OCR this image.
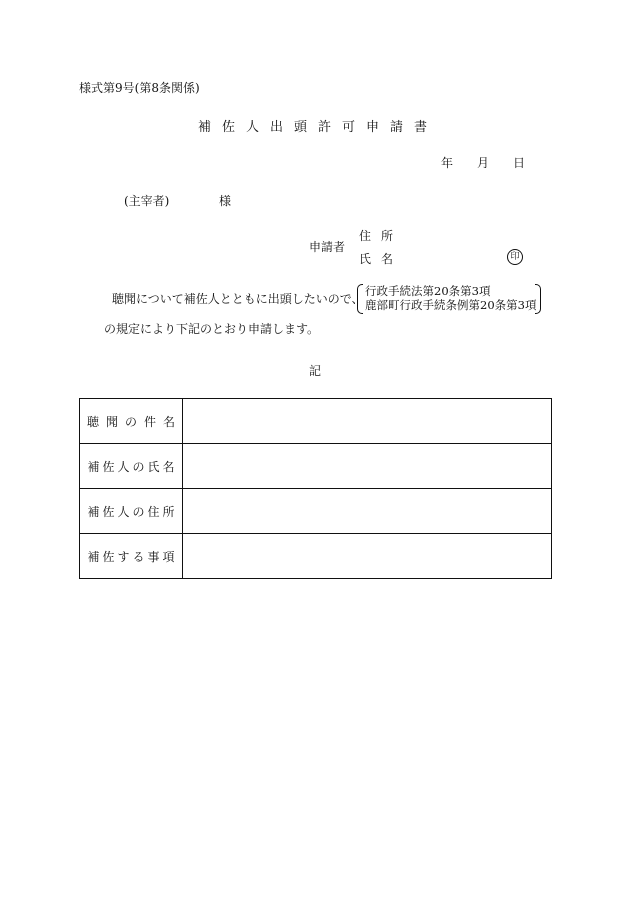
様式第9号(第8条関係)
補佐人出頭許可申請書
年 月 日
(主宰者)	様
申請者
住所
氏名	印
聴聞について補佐人とともに出頭したいので、
行政手続法第20条第3項
鹿部町行政手続条例第20条第3項
の規定により下記のとおり申請します。
記
聴聞の件名	
補佐人の氏名	
補佐人の住所	
補佐する事項	
